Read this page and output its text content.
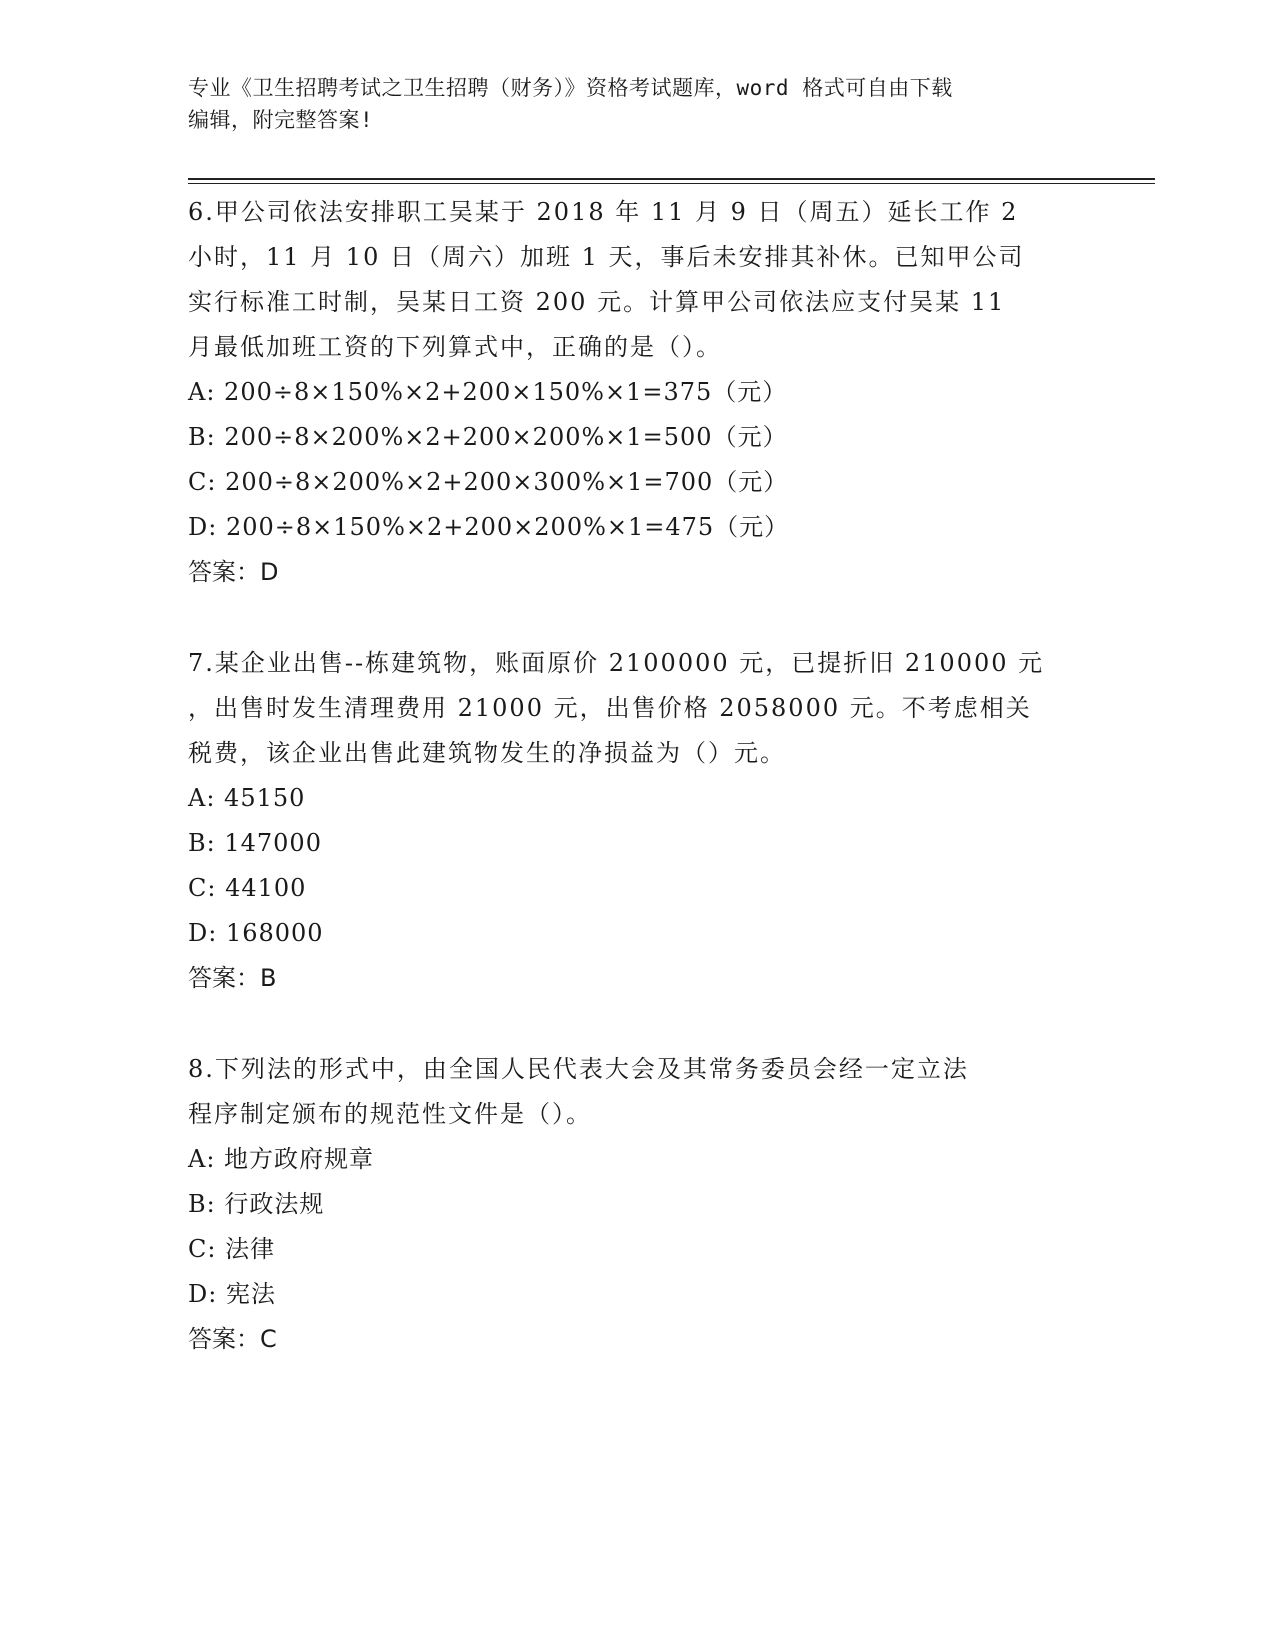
专业《卫生招聘考试之卫生招聘（财务）》资格考试题库，word 格式可自由下载
编辑，附完整答案!

6.甲公司依法安排职工吴某于 2018 年 11 月 9 日（周五）延长工作 2

小时，11 月 10 日（周六）加班 1 天，事后未安排其补休。已知甲公司

实行标准工时制，吴某日工资 200 元。计算甲公司依法应支付吴某 11

月最低加班工资的下列算式中，正确的是（）。

A: 200÷8×150%×2+200×150%×1=375（元）

B: 200÷8×200%×2+200×200%×1=500（元）

C: 200÷8×200%×2+200×300%×1=700（元）

D: 200÷8×150%×2+200×200%×1=475（元）

答案：D

7.某企业出售--栋建筑物，账面原价 2100000 元，已提折旧 210000 元

，出售时发生清理费用 21000 元，出售价格 2058000 元。不考虑相关

税费，该企业出售此建筑物发生的净损益为（）元。

A: 45150

B: 147000

C: 44100

D: 168000

答案：B

8.下列法的形式中，由全国人民代表大会及其常务委员会经一定立法

程序制定颁布的规范性文件是（）。

A: 地方政府规章

B: 行政法规

C: 法律

D: 宪法

答案：C
